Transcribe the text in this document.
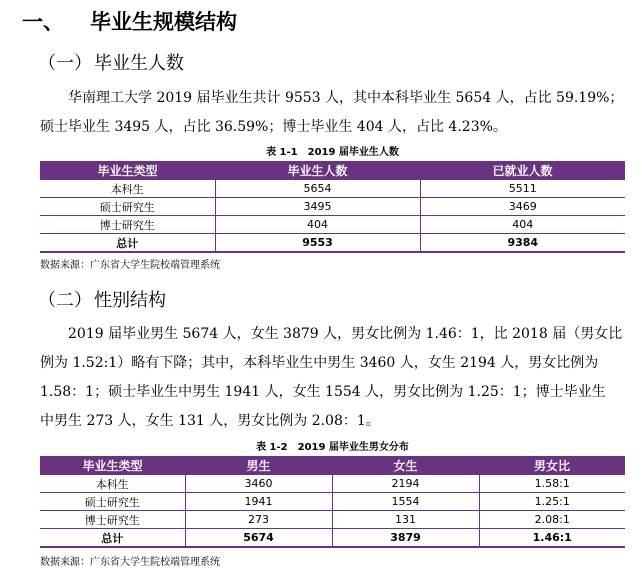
一、 毕业生规模结构
（一） 毕业生人数
华南理工大学 2019 届毕业生共计 9553 人，其中本科毕业生 5654 人，占比 59.19%；
硕士毕业生 3495 人，占比 36.59%；博士毕业生 404 人，占比 4.23%。
表 1-1　2019 届毕业生人数
毕业生类型	毕业生人数	已就业人数
本科生	5654	5511
硕士研究生	3495	3469
博士研究生	404	404
总计	9553	9384
数据来源：广东省大学生院校端管理系统
（二） 性别结构
2019 届毕业男生 5674 人，女生 3879 人，男女比例为 1.46：1，比 2018 届（男女比
例为 1.52:1）略有下降；其中，本科毕业生中男生 3460 人，女生 2194 人，男女比例为
1.58：1；硕士毕业生中男生 1941 人，女生 1554 人，男女比例为 1.25：1；博士毕业生
中男生 273 人，女生 131 人，男女比例为 2.08：1。
表 1-2　2019 届毕业生男女分布
毕业生类型	男生	女生	男女比
本科生	3460	2194	1.58:1
硕士研究生	1941	1554	1.25:1
博士研究生	273	131	2.08:1
总计	5674	3879	1.46:1
数据来源：广东省大学生院校端管理系统
